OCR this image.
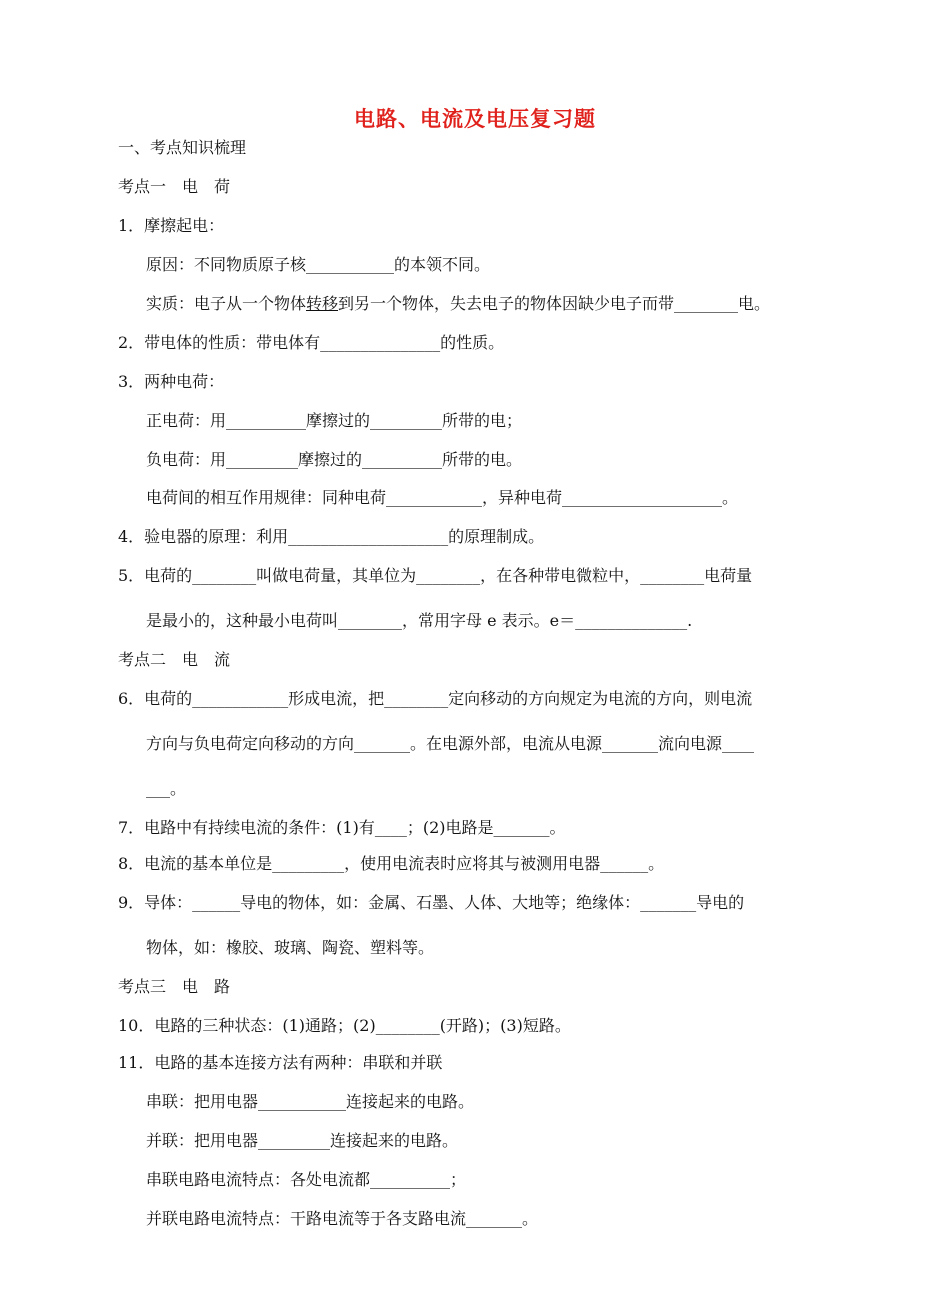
电路、电流及电压复习题
一、考点知识梳理
考点一　电　荷
1．摩擦起电：
原因：不同物质原子核___________的本领不同。
实质：电子从一个物体转移到另一个物体，失去电子的物体因缺少电子而带________电。
2．带电体的性质：带电体有_______________的性质。
3．两种电荷：
正电荷：用__________摩擦过的_________所带的电；
负电荷：用_________摩擦过的__________所带的电。
电荷间的相互作用规律：同种电荷____________，异种电荷____________________。
4．验电器的原理：利用____________________的原理制成。
5．电荷的________叫做电荷量，其单位为________，在各种带电微粒中，________电荷量
是最小的，这种最小电荷叫________，常用字母 e 表示。e＝______________.
考点二　电　流
6．电荷的____________形成电流，把________定向移动的方向规定为电流的方向，则电流
方向与负电荷定向移动的方向_______。在电源外部，电流从电源_______流向电源____
___。
7．电路中有持续电流的条件：(1)有____；(2)电路是_______。
8．电流的基本单位是_________，使用电流表时应将其与被测用电器______。
9．导体：______导电的物体，如：金属、石墨、人体、大地等；绝缘体：_______导电的
物体，如：橡胶、玻璃、陶瓷、塑料等。
考点三　电　路
10．电路的三种状态：(1)通路；(2)________(开路)；(3)短路。
11．电路的基本连接方法有两种：串联和并联
串联：把用电器___________连接起来的电路。
并联：把用电器_________连接起来的电路。
串联电路电流特点：各处电流都__________；
并联电路电流特点：干路电流等于各支路电流_______。
